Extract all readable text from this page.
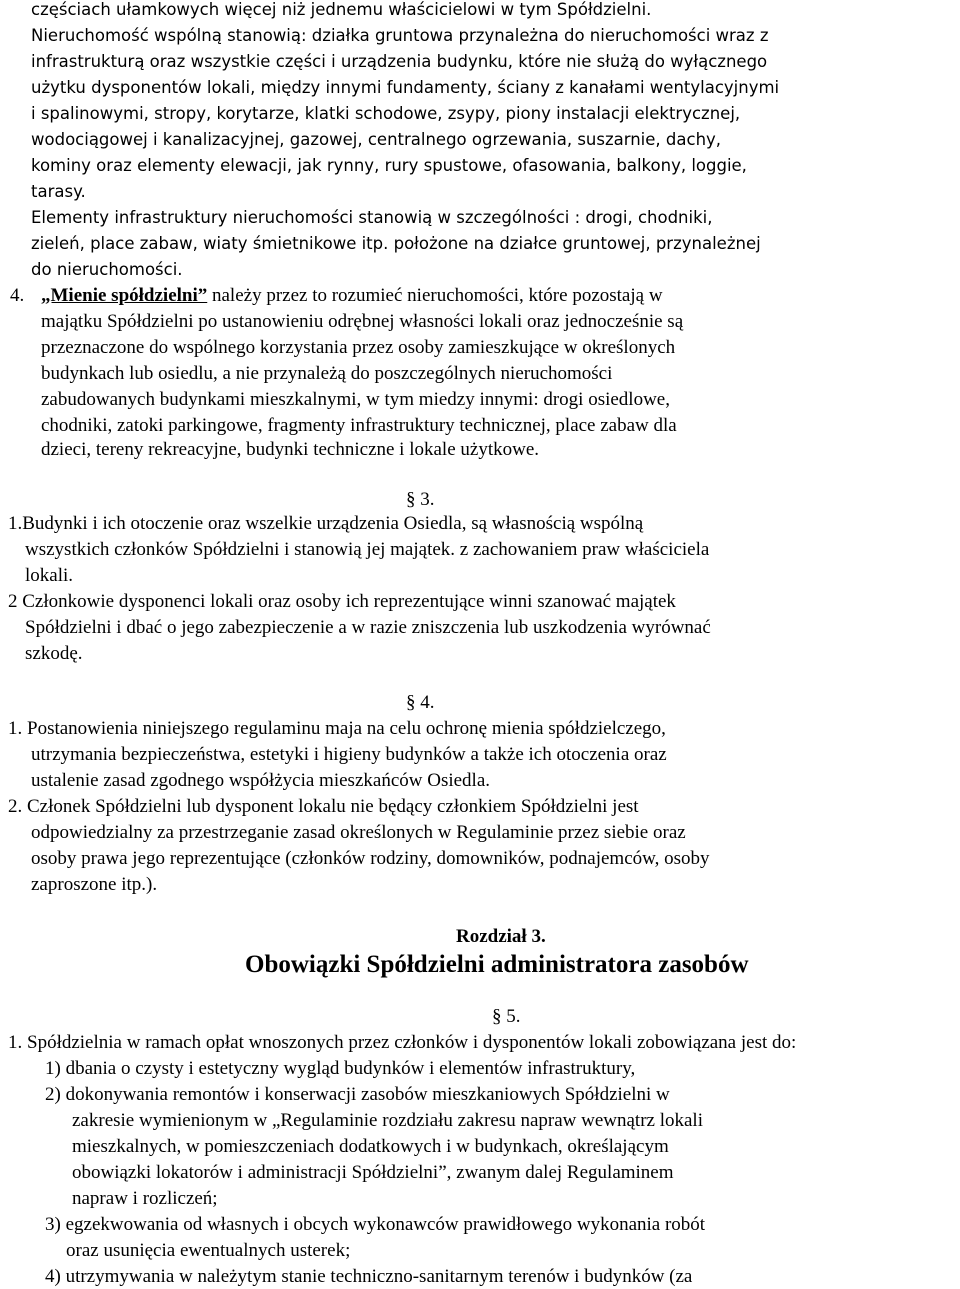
częściach ułamkowych więcej niż jednemu właścicielowi w tym Spółdzielni.
Nieruchomość wspólną stanowią: działka gruntowa przynależna do nieruchomości wraz z
infrastrukturą oraz wszystkie części i urządzenia budynku, które nie służą do wyłącznego
użytku dysponentów lokali, między innymi fundamenty, ściany z kanałami wentylacyjnymi
i spalinowymi, stropy, korytarze, klatki schodowe, zsypy, piony instalacji elektrycznej,
wodociągowej i kanalizacyjnej, gazowej, centralnego ogrzewania, suszarnie, dachy,
kominy oraz elementy elewacji, jak rynny, rury spustowe, ofasowania, balkony, loggie,
tarasy.
Elementy infrastruktury nieruchomości stanowią w szczególności : drogi, chodniki,
zieleń, place zabaw, wiaty śmietnikowe itp. położone na działce gruntowej, przynależnej
do nieruchomości.
4. „Mienie spółdzielni” należy przez to rozumieć nieruchomości, które pozostają w
majątku Spółdzielni po ustanowieniu odrębnej własności lokali oraz jednocześnie są
przeznaczone do wspólnego korzystania przez osoby zamieszkujące w określonych
budynkach lub osiedlu, a nie przynależą do poszczególnych nieruchomości
zabudowanych budynkami mieszkalnymi, w tym miedzy innymi: drogi osiedlowe,
chodniki, zatoki parkingowe, fragmenty infrastruktury technicznej, place zabaw dla
dzieci, tereny rekreacyjne, budynki techniczne i lokale użytkowe.
§ 3.
1.Budynki i ich otoczenie oraz wszelkie urządzenia Osiedla, są własnością wspólną
wszystkich członków Spółdzielni i stanowią jej majątek. z zachowaniem praw właściciela
lokali.
2 Członkowie dysponenci lokali oraz osoby ich reprezentujące winni szanować majątek
Spółdzielni i dbać o jego zabezpieczenie a w razie zniszczenia lub uszkodzenia wyrównać
szkodę.
§ 4.
1. Postanowienia niniejszego regulaminu maja na celu ochronę mienia spółdzielczego,
utrzymania bezpieczeństwa, estetyki i higieny budynków a także ich otoczenia oraz
ustalenie zasad zgodnego współżycia mieszkańców Osiedla.
2. Członek Spółdzielni lub dysponent lokalu nie będący członkiem Spółdzielni jest
odpowiedzialny za przestrzeganie zasad określonych w Regulaminie przez siebie oraz
osoby prawa jego reprezentujące (członków rodziny, domowników, podnajemców, osoby
zaproszone itp.).
Rozdział 3.
Obowiązki Spółdzielni administratora zasobów
§ 5.
1. Spółdzielnia w ramach opłat wnoszonych przez członków i dysponentów lokali zobowiązana jest do:
1) dbania o czysty i estetyczny wygląd budynków i elementów infrastruktury,
2) dokonywania remontów i konserwacji zasobów mieszkaniowych Spółdzielni w
zakresie wymienionym w „Regulaminie rozdziału zakresu napraw wewnątrz lokali
mieszkalnych, w pomieszczeniach dodatkowych i w budynkach, określającym
obowiązki lokatorów i administracji Spółdzielni”, zwanym dalej Regulaminem
napraw i rozliczeń;
3) egzekwowania od własnych i obcych wykonawców prawidłowego wykonania robót
oraz usunięcia ewentualnych usterek;
4) utrzymywania w należytym stanie techniczno-sanitarnym terenów i budynków (za
